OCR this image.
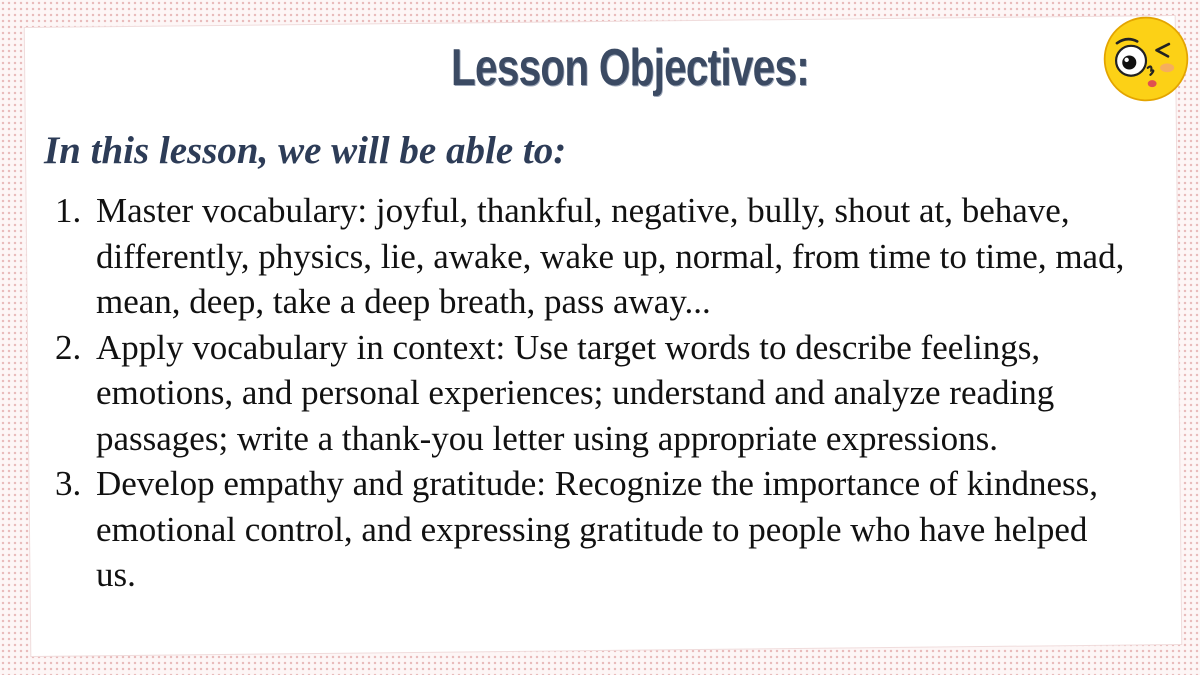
Lesson Objectives:
In this lesson, we will be able to:
1. Master vocabulary: joyful, thankful, negative, bully, shout at, behave, differently, physics, lie, awake, wake up, normal, from time to time, mad, mean, deep, take a deep breath, pass away...
2. Apply vocabulary in context: Use target words to describe feelings, emotions, and personal experiences; understand and analyze reading passages; write a thank-you letter using appropriate expressions.
3. Develop empathy and gratitude: Recognize the importance of kindness, emotional control, and expressing gratitude to people who have helped us.
